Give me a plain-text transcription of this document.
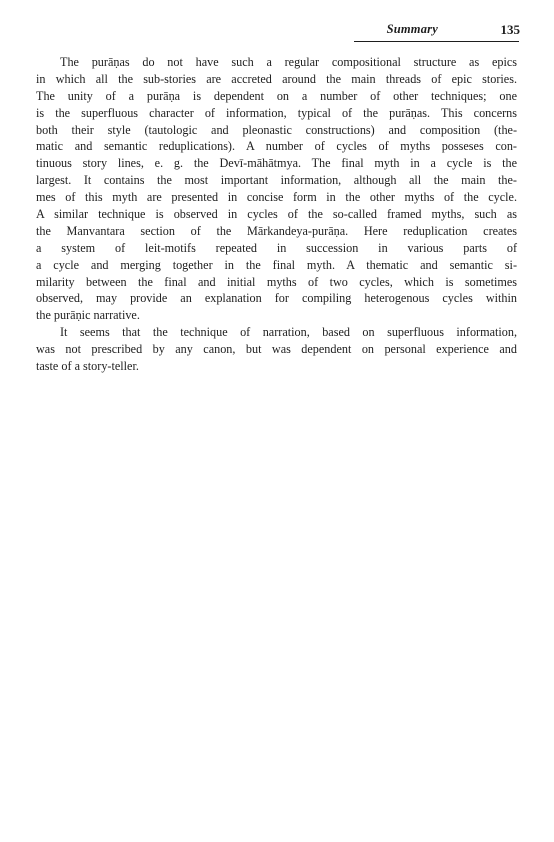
Summary	135
The purāṇas do not have such a regular compositional structure as epics
in which all the sub-stories are accreted around the main threads of epic stories.
The unity of a purāṇa is dependent on a number of other techniques; one
is the superfluous character of information, typical of the purāṇas. This concerns
both their style (tautologic and pleonastic constructions) and composition (the-
matic and semantic reduplications). A number of cycles of myths posseses con-
tinuous story lines, e. g. the Devī-māhātmya. The final myth in a cycle is the
largest. It contains the most important information, although all the main the-
mes of this myth are presented in concise form in the other myths of the cycle.
A similar technique is observed in cycles of the so-called framed myths, such as
the Manvantara section of the Mārkandeya-purāṇa. Here reduplication creates
a system of leit-motifs repeated in succession in various parts of
a cycle and merging together in the final myth. A thematic and semantic si-
milarity between the final and initial myths of two cycles, which is sometimes
observed, may provide an explanation for compiling heterogenous cycles within
the purāṇic narrative.
It seems that the technique of narration, based on superfluous information,
was not prescribed by any canon, but was dependent on personal experience and
taste of a story-teller.
